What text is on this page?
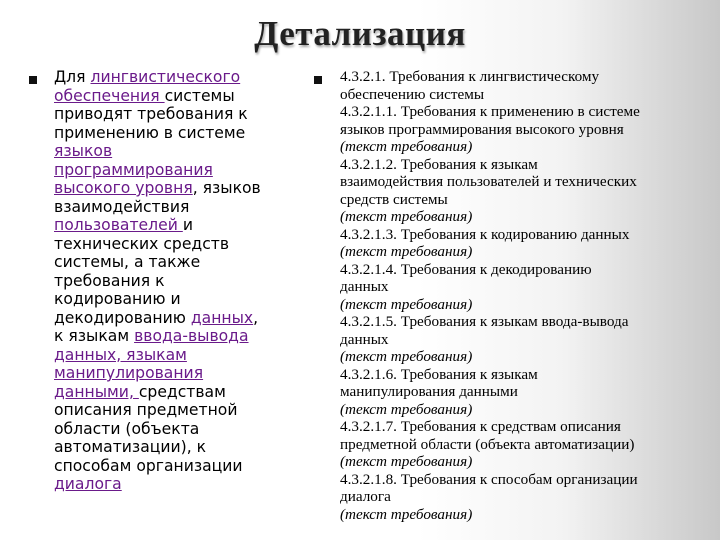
Детализация
Для лингвистического
обеспечения системы
приводят требования к
применению в системе
языков
программирования
высокого уровня, языков
взаимодействия
пользователей и
технических средств
системы, а также
требования к
кодированию и
декодированию данных,
к языкам ввода-вывода
данных, языкам
манипулирования
данными, средствам
описания предметной
области (объекта
автоматизации), к
способам организации
диалога
4.3.2.1. Требования к лингвистическому
обеспечению системы
4.3.2.1.1. Требования к применению в системе
языков программирования высокого уровня
(текст требования)
4.3.2.1.2. Требования к языкам
взаимодействия пользователей и технических
средств системы
(текст требования)
4.3.2.1.3. Требования к кодированию данных
(текст требования)
4.3.2.1.4. Требования к декодированию
данных
(текст требования)
4.3.2.1.5. Требования к языкам ввода-вывода
данных
(текст требования)
4.3.2.1.6. Требования к языкам
манипулирования данными
(текст требования)
4.3.2.1.7. Требования к средствам описания
предметной области (объекта автоматизации)
(текст требования)
4.3.2.1.8. Требования к способам организации
диалога
(текст требования)
